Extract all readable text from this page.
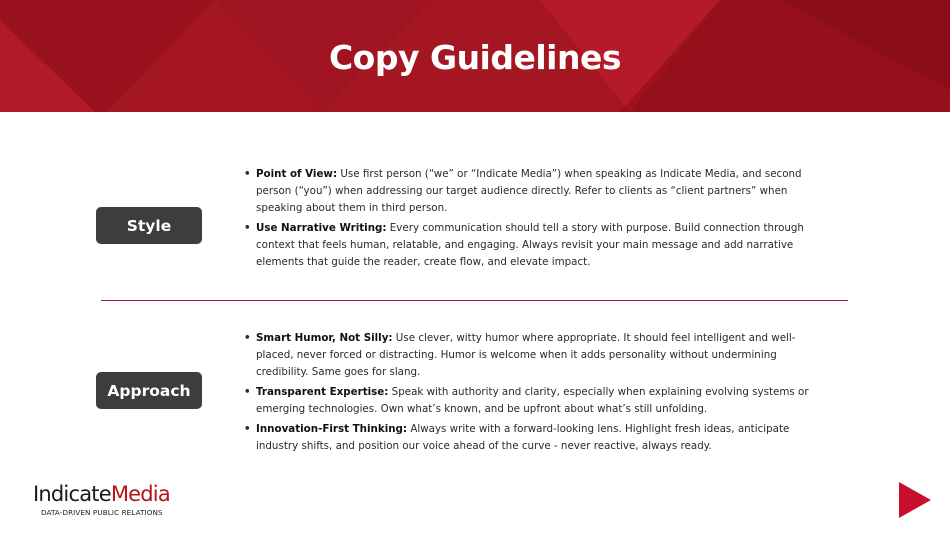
Copy Guidelines
Style
• Point of View: Use first person (“we” or “Indicate Media”) when speaking as Indicate Media, and second person (“you”) when addressing our target audience directly. Refer to clients as “client partners” when speaking about them in third person.
• Use Narrative Writing: Every communication should tell a story with purpose. Build connection through context that feels human, relatable, and engaging. Always revisit your main message and add narrative elements that guide the reader, create flow, and elevate impact.
Approach
• Smart Humor, Not Silly: Use clever, witty humor where appropriate. It should feel intelligent and well-placed, never forced or distracting. Humor is welcome when it adds personality without undermining credibility. Same goes for slang.
• Transparent Expertise: Speak with authority and clarity, especially when explaining evolving systems or emerging technologies. Own what’s known, and be upfront about what’s still unfolding.
• Innovation-First Thinking: Always write with a forward-looking lens. Highlight fresh ideas, anticipate industry shifts, and position our voice ahead of the curve - never reactive, always ready.
IndicateMedia
DATA-DRIVEN PUBLIC RELATIONS
